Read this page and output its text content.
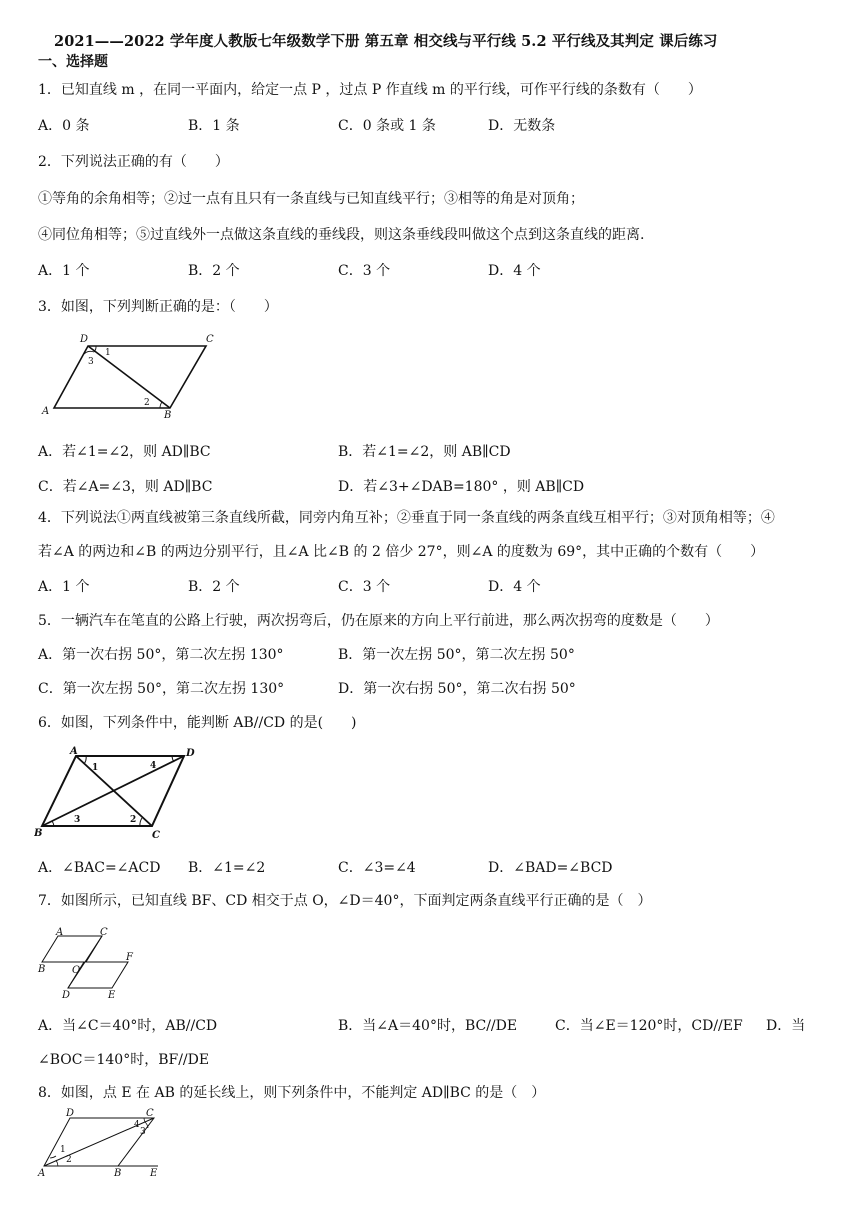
2021——2022 学年度人教版七年级数学下册 第五章 相交线与平行线 5.2 平行线及其判定 课后练习
一、选择题
1．已知直线 m ，在同一平面内，给定一点 P ，过点 P 作直线 m 的平行线，可作平行线的条数有（　　）
A．0 条	B．1 条	C．0 条或 1 条	D．无数条
2．下列说法正确的有（　　）
①等角的余角相等；②过一点有且只有一条直线与已知直线平行；③相等的角是对顶角；
④同位角相等；⑤过直线外一点做这条直线的垂线段，则这条垂线段叫做这个点到这条直线的距离.
A．1 个	B．2 个	C．3 个	D．4 个
3．如图，下列判断正确的是：（　　）
D	C
A	B
1
3
2
A．若∠1=∠2，则 AD∥BC	B．若∠1=∠2，则 AB∥CD
C．若∠A=∠3，则 AD∥BC	D．若∠3+∠DAB=180° ，则 AB∥CD
4．下列说法①两直线被第三条直线所截，同旁内角互补；②垂直于同一条直线的两条直线互相平行；③对顶角相等；④
若∠A 的两边和∠B 的两边分别平行，且∠A 比∠B 的 2 倍少 27°，则∠A 的度数为 69°，其中正确的个数有（　　）
A．1 个	B．2 个	C．3 个	D．4 个
5．一辆汽车在笔直的公路上行驶，两次拐弯后，仍在原来的方向上平行前进，那么两次拐弯的度数是（　　）
A．第一次右拐 50°，第二次左拐 130°	B．第一次左拐 50°，第二次左拐 50°
C．第一次左拐 50°，第二次左拐 130°	D．第一次右拐 50°，第二次右拐 50°
6．如图，下列条件中，能判断 AB//CD 的是(　　)
A	D
B	C
1	4
3	2
A．∠BAC=∠ACD B．∠1=∠2	C．∠3=∠4	D．∠BAD=∠BCD
7．如图所示，已知直线 BF、CD 相交于点 O，∠D＝40°，下面判定两条直线平行正确的是（　）
A	C
B	O
F
D	E
A．当∠C＝40°时，AB//CD	B．当∠A＝40°时，BC//DE	C．当∠E＝120°时，CD//EF D．当
∠BOC＝140°时，BF//DE
8．如图，点 E 在 AB 的延长线上，则下列条件中，不能判定 AD∥BC 的是（　）
D	C
4
3
1
2
A	B	E
